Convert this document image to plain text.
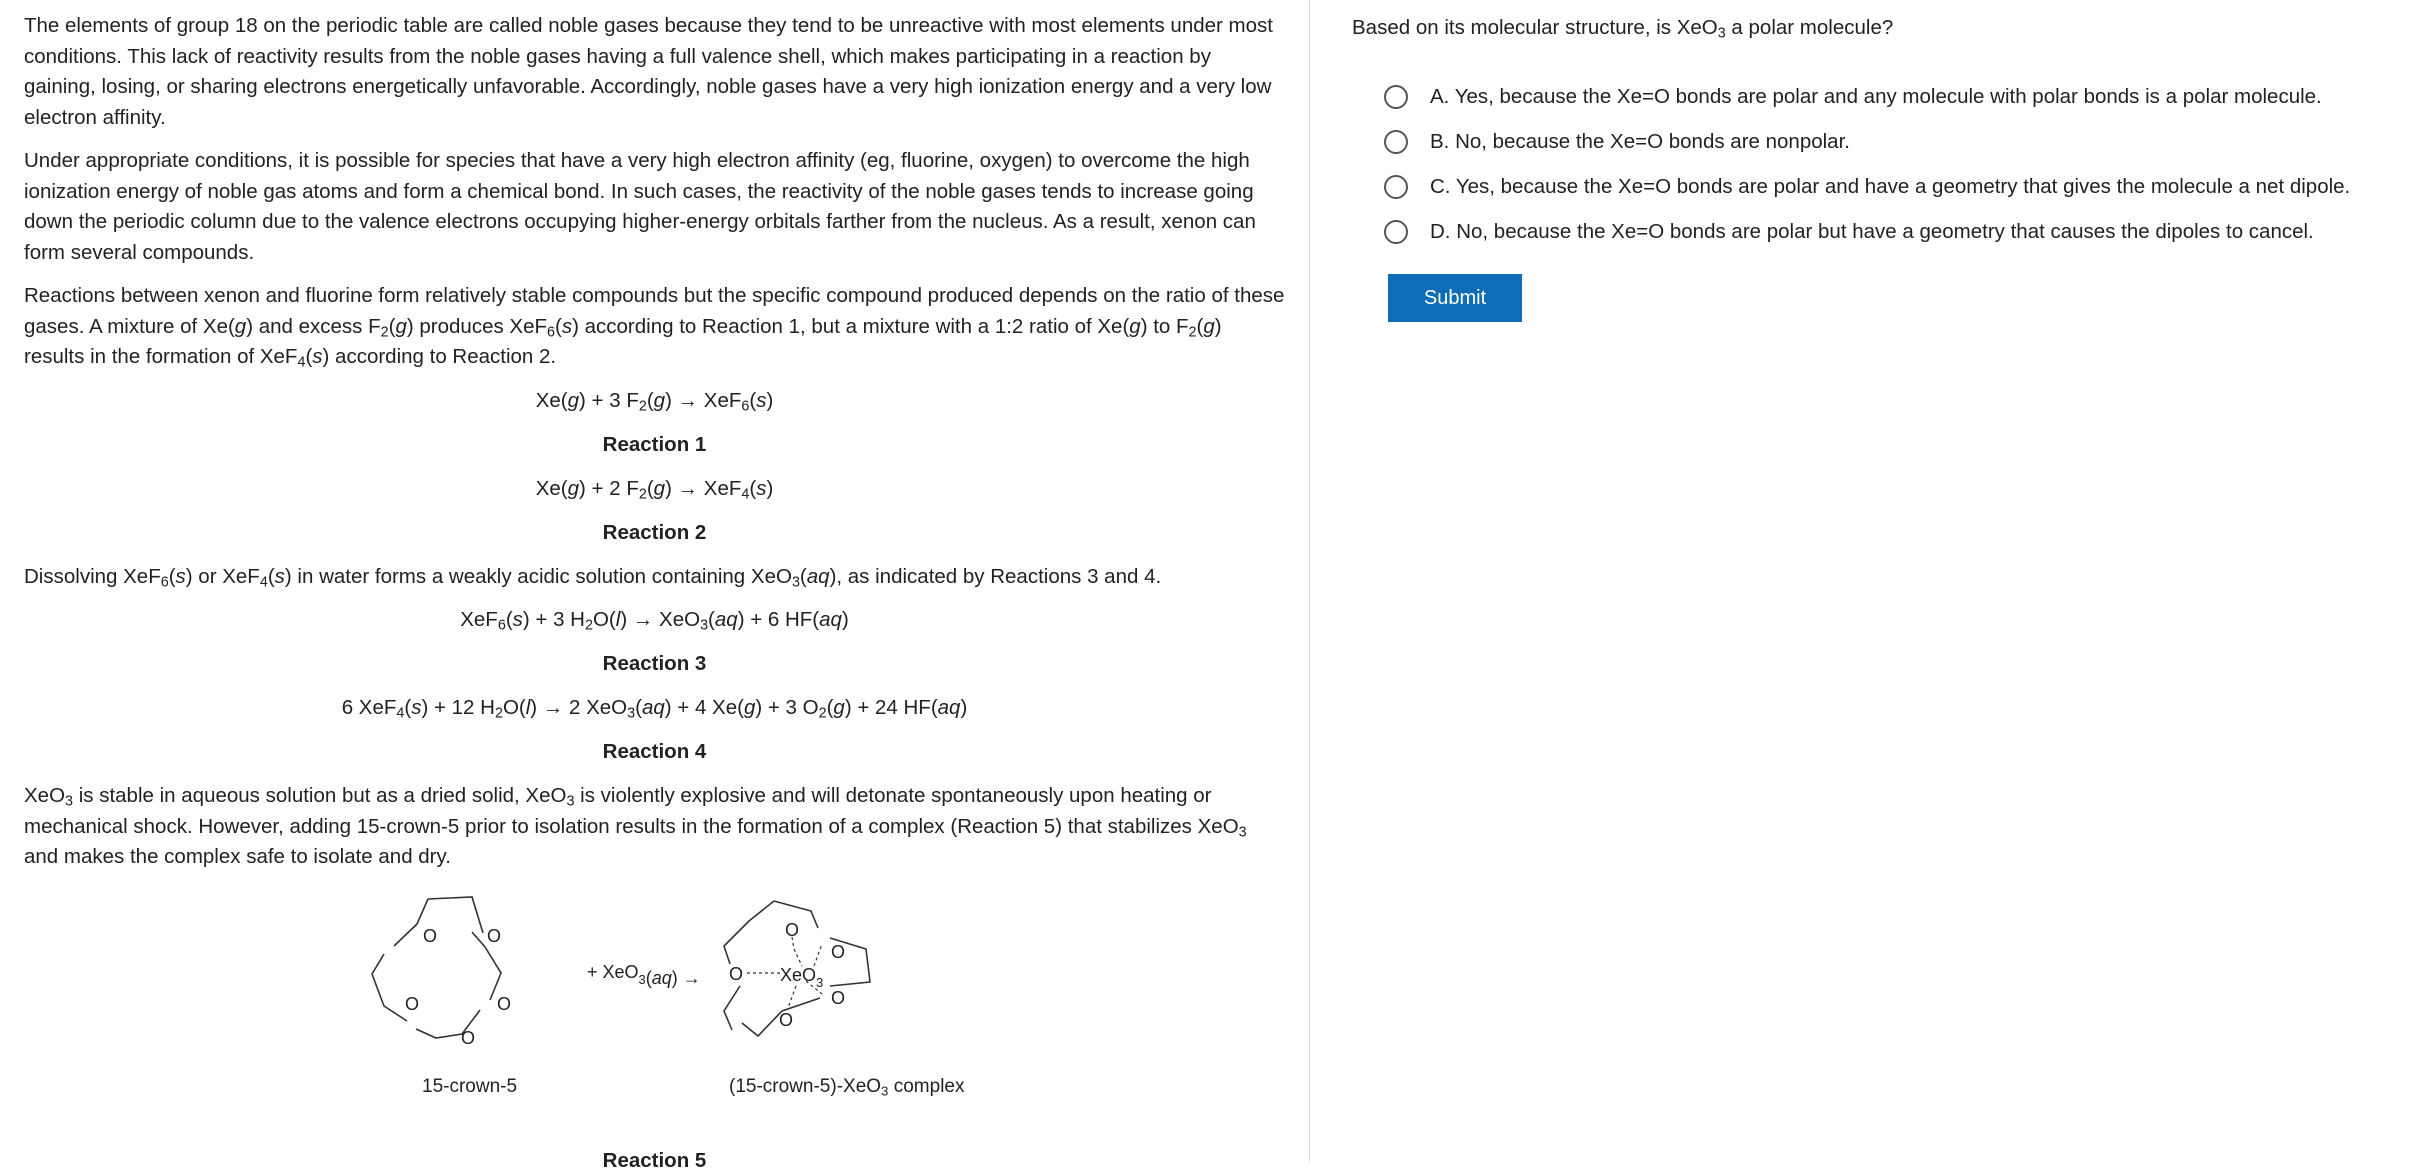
The elements of group 18 on the periodic table are called noble gases because they tend to be unreactive with most elements under most conditions. This lack of reactivity results from the noble gases having a full valence shell, which makes participating in a reaction by gaining, losing, or sharing electrons energetically unfavorable. Accordingly, noble gases have a very high ionization energy and a very low electron affinity.

Under appropriate conditions, it is possible for species that have a very high electron affinity (eg, fluorine, oxygen) to overcome the high ionization energy of noble gas atoms and form a chemical bond. In such cases, the reactivity of the noble gases tends to increase going down the periodic column due to the valence electrons occupying higher-energy orbitals farther from the nucleus. As a result, xenon can form several compounds.

Reactions between xenon and fluorine form relatively stable compounds but the specific compound produced depends on the ratio of these gases. A mixture of Xe(g) and excess $F_2(g)$ produces XeF$_6$(s) according to Reaction 1, but a mixture with a 1:2 ratio of Xe(g) to $F_2(g)$ results in the formation of XeF$_4$(s) according to Reaction 2.

Xe(g) + 3 $F_2(g) \to XeF_6(s)$
Reaction 1
Xe(g) + 2 $F_2(g) \to XeF_4(s)$
Reaction 2

Dissolving XeF$_6$(s) or XeF$_4$(s) in water forms a weakly acidic solution containing XeO$_3$(aq), as indicated by Reactions 3 and 4.

XeF$_6$(s) + 3 $H_2O(l) \to XeO_3(aq) + 6$ HF(aq)
Reaction 3
6 XeF$_4$(s) + 12 $H_2O(l) \to 2$ XeO$_3$(aq) + 4 Xe(g) + 3 $O_2(g) + 24$ HF(aq)
Reaction 4

XeO$_3$ is stable in aqueous solution but as a dried solid, XeO$_3$ is violently explosive and will detonate spontaneously upon heating or mechanical shock. However, adding 15-crown-5 prior to isolation results in the formation of a complex (Reaction 5) that stabilizes XeO$_3$ and makes the complex safe to isolate and dry.

O	O
O	O
O
+ XeO$_3$(aq) →
O
O
O
O
O
XeO$_3$
15-crown-5	(15-crown-5)-XeO$_3$ complex
Reaction 5

Based on its molecular structure, is XeO$_3$ a polar molecule?

A. Yes, because the Xe=O bonds are polar and any molecule with polar bonds is a polar molecule.
B. No, because the Xe=O bonds are nonpolar.
C. Yes, because the Xe=O bonds are polar and have a geometry that gives the molecule a net dipole.
D. No, because the Xe=O bonds are polar but have a geometry that causes the dipoles to cancel.
Submit
